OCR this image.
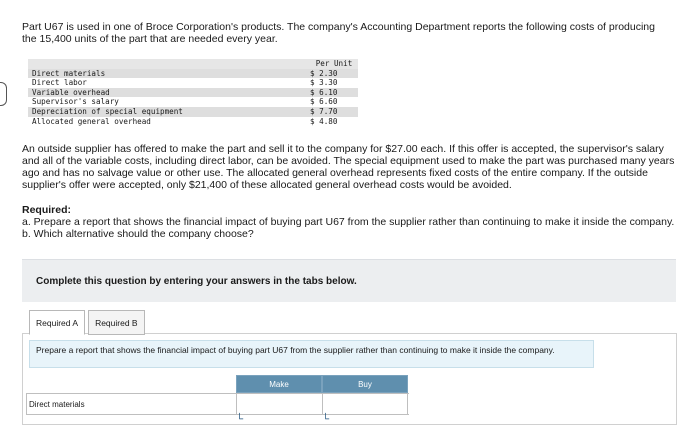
Part U67 is used in one of Broce Corporation's products. The company's Accounting Department reports the following costs of producing the 15,400 units of the part that are needed every year.
Per Unit
Direct materials	$ 2.30
Direct labor	$ 3.30
Variable overhead	$ 6.10
Supervisor's salary	$ 6.60
Depreciation of special equipment	$ 7.70
Allocated general overhead	$ 4.80
An outside supplier has offered to make the part and sell it to the company for $27.00 each. If this offer is accepted, the supervisor's salary and all of the variable costs, including direct labor, can be avoided. The special equipment used to make the part was purchased many years ago and has no salvage value or other use. The allocated general overhead represents fixed costs of the entire company. If the outside supplier's offer were accepted, only $21,400 of these allocated general overhead costs would be avoided.
Required:
a. Prepare a report that shows the financial impact of buying part U67 from the supplier rather than continuing to make it inside the company.
b. Which alternative should the company choose?
Complete this question by entering your answers in the tabs below.
Required A	Required B
Prepare a report that shows the financial impact of buying part U67 from the supplier rather than continuing to make it inside the company.
Make	Buy
Direct materials
